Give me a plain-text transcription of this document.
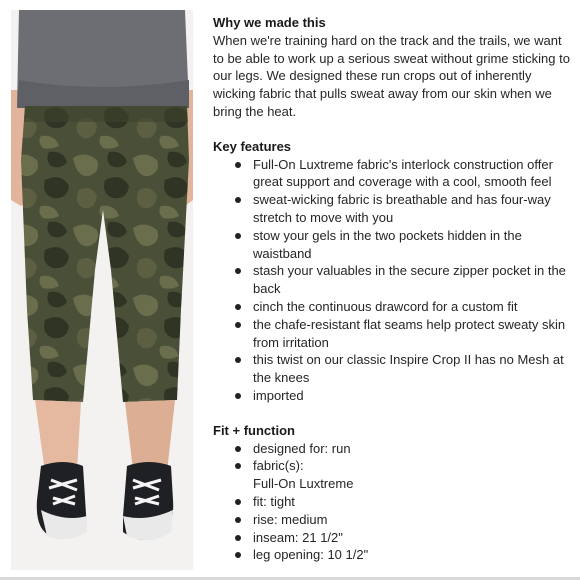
Why we made this

When we're training hard on the track and the trails, we want to be able to work up a serious sweat without grime sticking to our legs. We designed these run crops out of inherently wicking fabric that pulls sweat away from our skin when we bring the heat.

Key features

Full-On Luxtreme fabric's interlock construction offer great support and coverage with a cool, smooth feel
sweat-wicking fabric is breathable and has four-way stretch to move with you
stow your gels in the two pockets hidden in the waistband
stash your valuables in the secure zipper pocket in the back
cinch the continuous drawcord for a custom fit
the chafe-resistant flat seams help protect sweaty skin from irritation
this twist on our classic Inspire Crop II has no Mesh at the knees
imported

Fit + function

designed for: run
fabric(s):
Full-On Luxtreme
fit: tight
rise: medium
inseam: 21 1/2"
leg opening: 10 1/2"
